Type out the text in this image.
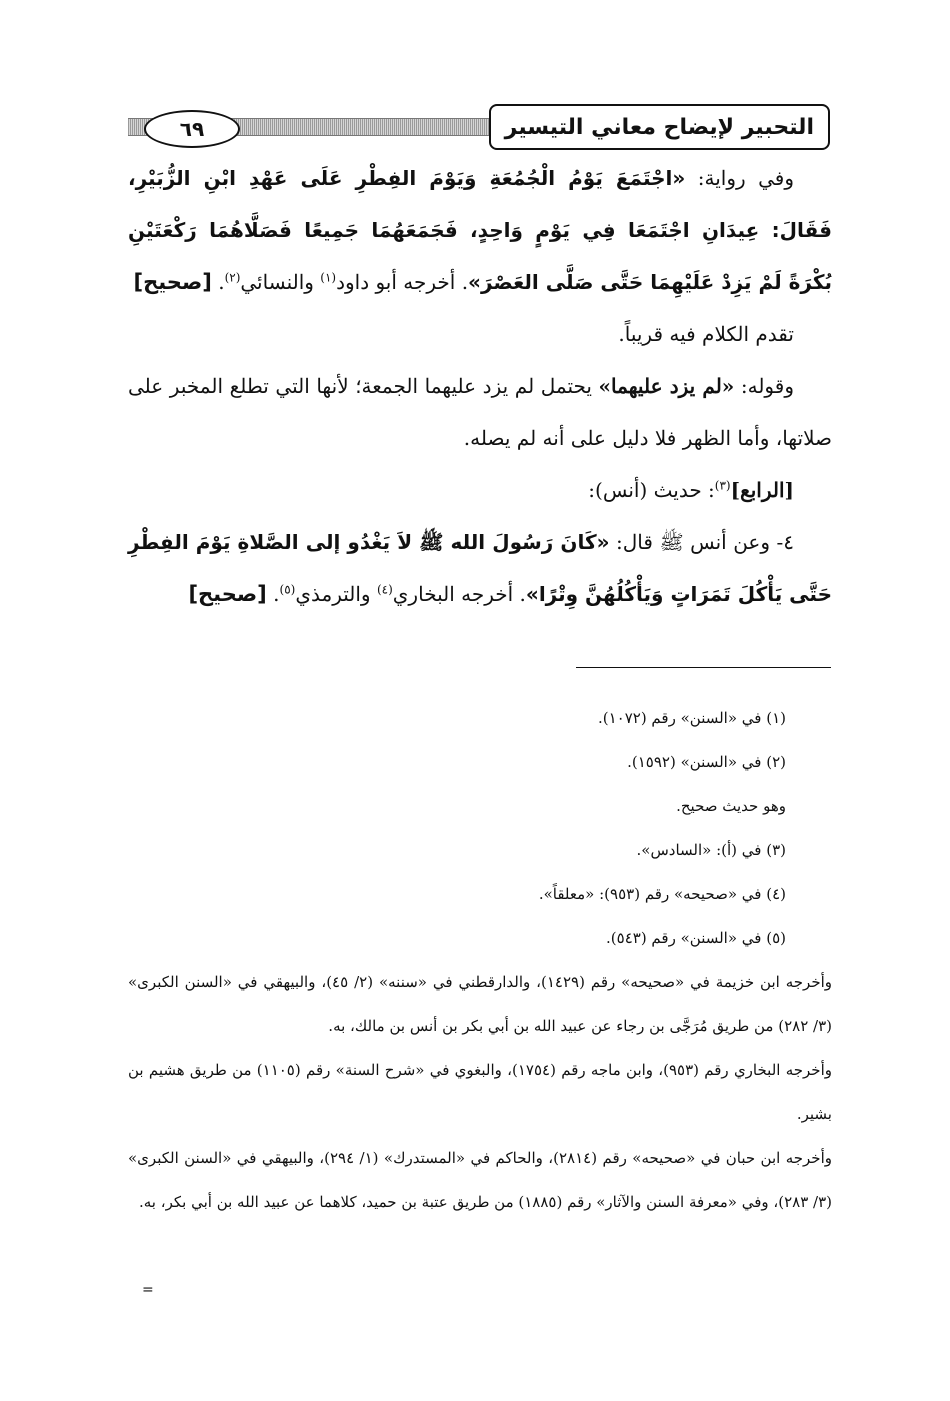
التحبير لإيضاح معاني التيسير
٦٩

وفي رواية: «اجْتَمَعَ يَوْمُ الْجُمُعَةِ وَيَوْمَ الفِطْرِ عَلَى عَهْدِ ابْنِ الزُّبَيْرِ، فَقَالَ: عِيدَانِ اجْتَمَعَا فِي يَوْمٍ وَاحِدٍ، فَجَمَعَهُمَا جَمِيعًا فَصَلَّاهُمَا رَكْعَتَيْنِ بُكْرَةً لَمْ يَزِدْ عَلَيْهِمَا حَتَّى صَلَّى العَصْرَ». أخرجه أبو داود$^{(١)}$ والنسائي$^{(٢)}$. [صحيح]

تقدم الكلام فيه قريباً.

وقوله: «لم يزد عليهما» يحتمل لم يزد عليهما الجمعة؛ لأنها التي تطلع المخبر على صلاتها، وأما الظهر فلا دليل على أنه لم يصله.

[الرابع]$^{(٣)}$: حديث (أنس):

٤- وعن أنس ﷺ قال: «كَانَ رَسُولَ الله ﷺ لاَ يَغْدُو إلى الصَّلاةِ يَوْمَ الفِطْرِ حَتَّى يَأْكُلَ تَمَرَاتٍ وَيَأْكُلُهُنَّ وِتْرًا». أخرجه البخاري$^{(٤)}$ والترمذي$^{(٥)}$. [صحيح]

(١) في «السنن» رقم (١٠٧٢).

(٢) في «السنن» (١٥٩٢).

وهو حديث صحيح.

(٣) في (أ): «السادس».

(٤) في «صحيحه» رقم (٩٥٣): «معلقاً».

(٥) في «السنن» رقم (٥٤٣).

وأخرجه ابن خزيمة في «صحيحه» رقم (١٤٢٩)، والدارقطني في «سننه» (٢/ ٤٥)، والبيهقي في «السنن الكبرى» (٣/ ٢٨٢) من طريق مُرَجَّى بن رجاء عن عبيد الله بن أبي بكر بن أنس بن مالك، به.

وأخرجه البخاري رقم (٩٥٣)، وابن ماجه رقم (١٧٥٤)، والبغوي في «شرح السنة» رقم (١١٠٥) من طريق هشيم بن بشير.

وأخرجه ابن حبان في «صحيحه» رقم (٢٨١٤)، والحاكم في «المستدرك» (١/ ٢٩٤)، والبيهقي في «السنن الكبرى» (٣/ ٢٨٣)، وفي «معرفة السنن والآثار» رقم (١٨٨٥) من طريق عتبة بن حميد، كلاهما عن عبيد الله بن أبي بكر، به.

=
